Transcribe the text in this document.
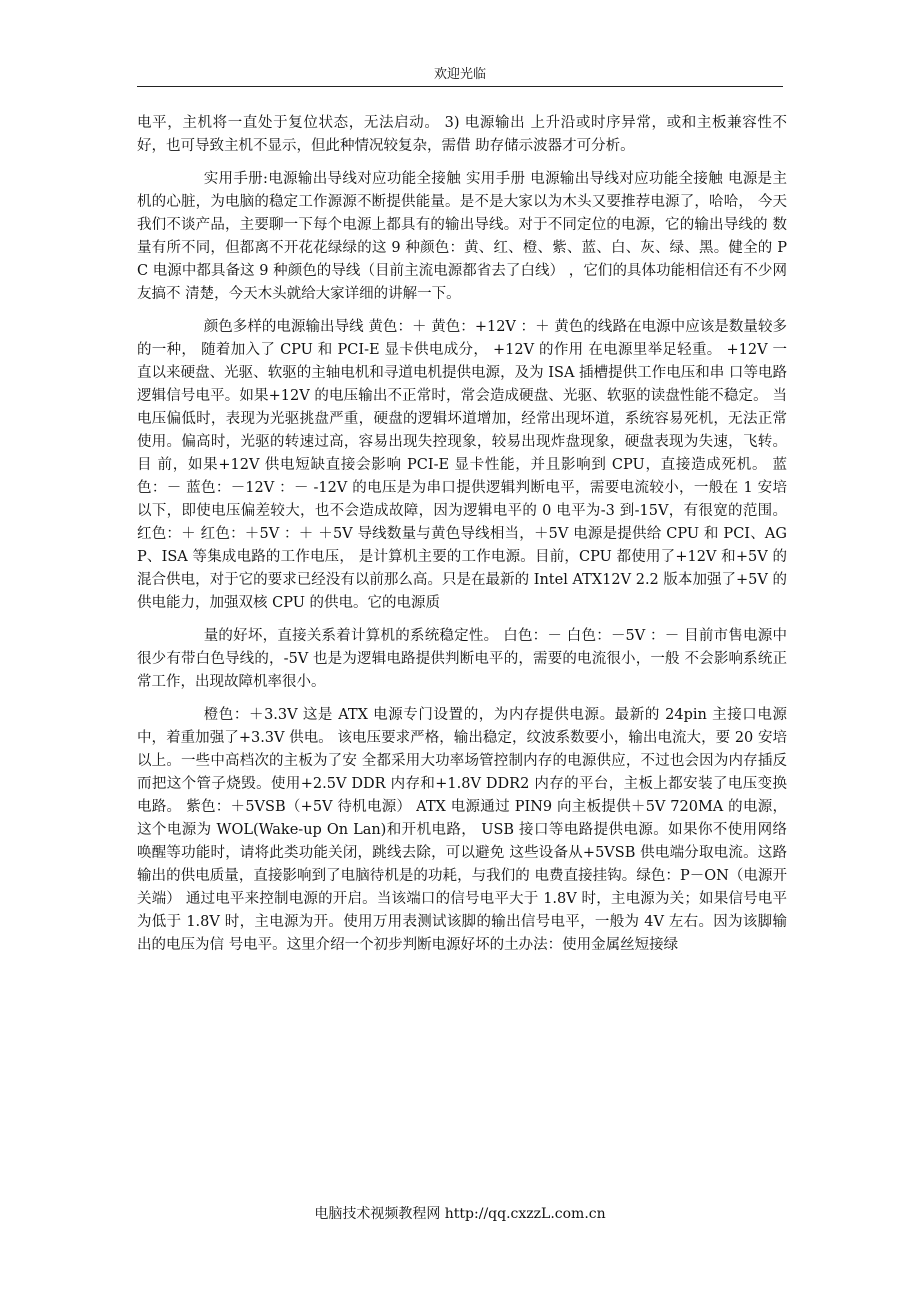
欢迎光临

电平，主机将一直处于复位状态，无法启动。 3) 电源输出 上升沿或时序异常，或和主板兼容性不好，也可导致主机不显示，但此种情况较复杂，需借 助存储示波器才可分析。

实用手册:电源输出导线对应功能全接触 实用手册 电源输出导线对应功能全接触 电源是主机的心脏，为电脑的稳定工作源源不断提供能量。是不是大家以为木头又要推荐电源了，哈哈， 今天我们不谈产品，主要聊一下每个电源上都具有的输出导线。对于不同定位的电源，它的输出导线的 数量有所不同，但都离不开花花绿绿的这 9 种颜色：黄、红、橙、紫、蓝、白、灰、绿、黑。健全的 PC 电源中都具备这 9 种颜色的导线（目前主流电源都省去了白线） ，它们的具体功能相信还有不少网友搞不 清楚，今天木头就给大家详细的讲解一下。

颜色多样的电源输出导线 黄色：＋ 黄色：+12V ：＋ 黄色的线路在电源中应该是数量较多的一种， 随着加入了 CPU 和 PCI-E 显卡供电成分， +12V 的作用 在电源里举足轻重。 +12V 一直以来硬盘、光驱、软驱的主轴电机和寻道电机提供电源，及为 ISA 插槽提供工作电压和串 口等电路逻辑信号电平。如果+12V 的电压输出不正常时，常会造成硬盘、光驱、软驱的读盘性能不稳定。 当电压偏低时，表现为光驱挑盘严重，硬盘的逻辑坏道增加，经常出现坏道，系统容易死机，无法正常 使用。偏高时，光驱的转速过高，容易出现失控现象，较易出现炸盘现象，硬盘表现为失速，飞转。目 前，如果+12V 供电短缺直接会影响 PCI-E 显卡性能，并且影响到 CPU，直接造成死机。 蓝色：－ 蓝色：－12V ：－ -12V 的电压是为串口提供逻辑判断电平，需要电流较小，一般在 1 安培以下，即使电压偏差较大，也不会造成故障，因为逻辑电平的 0 电平为-3 到-15V，有很宽的范围。 红色：＋ 红色：＋5V ：＋ ＋5V 导线数量与黄色导线相当，＋5V 电源是提供给 CPU 和 PCI、AGP、ISA 等集成电路的工作电压， 是计算机主要的工作电源。目前，CPU 都使用了+12V 和+5V 的混合供电，对于它的要求已经没有以前那么高。只是在最新的 Intel ATX12V 2.2 版本加强了+5V 的供电能力，加强双核 CPU 的供电。它的电源质

量的好坏，直接关系着计算机的系统稳定性。 白色：－ 白色：－5V ：－ 目前市售电源中很少有带白色导线的，-5V 也是为逻辑电路提供判断电平的，需要的电流很小，一般 不会影响系统正常工作，出现故障机率很小。

橙色：＋3.3V 这是 ATX 电源专门设置的，为内存提供电源。最新的 24pin 主接口电源中，着重加强了+3.3V 供电。 该电压要求严格，输出稳定，纹波系数要小，输出电流大，要 20 安培以上。一些中高档次的主板为了安 全都采用大功率场管控制内存的电源供应，不过也会因为内存插反而把这个管子烧毁。使用+2.5V DDR 内存和+1.8V DDR2 内存的平台，主板上都安装了电压变换电路。 紫色：＋5VSB（+5V 待机电源） ATX 电源通过 PIN9 向主板提供＋5V 720MA 的电源， 这个电源为 WOL(Wake-up On Lan)和开机电路， USB 接口等电路提供电源。如果你不使用网络唤醒等功能时，请将此类功能关闭，跳线去除，可以避免 这些设备从+5VSB 供电端分取电流。这路输出的供电质量，直接影响到了电脑待机是的功耗，与我们的 电费直接挂钩。绿色：P－ON（电源开关端） 通过电平来控制电源的开启。当该端口的信号电平大于 1.8V 时，主电源为关；如果信号电平为低于 1.8V 时，主电源为开。使用万用表测试该脚的输出信号电平，一般为 4V 左右。因为该脚输出的电压为信 号电平。这里介绍一个初步判断电源好坏的土办法：使用金属丝短接绿

电脑技术视频教程网 http://qq.cxzzL.com.cn
